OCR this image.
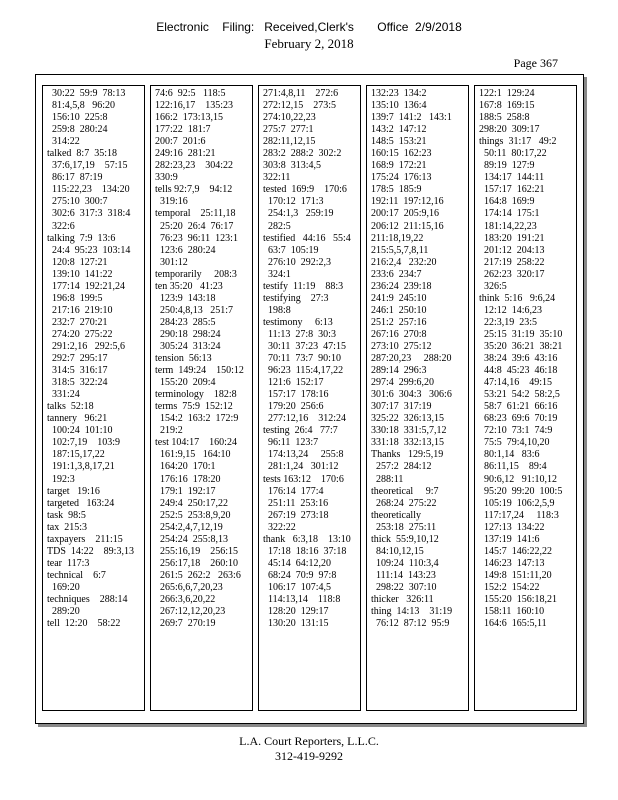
Electronic    Filing:   Received,Clerk's       Office  2/9/2018
February 2, 2018
Page 367
30:22  59:9  78:13
81:4,5,8   96:20
156:10  225:8
259:8  280:24
314:22
talked  8:7  35:18
37:6,17,19    57:15
86:17  87:19
115:22,23    134:20
275:10  300:7
302:6  317:3  318:4
322:6
talking  7:9  13:6
24:4  95:23  103:14
120:8  127:21
139:10  141:22
177:14  192:21,24
196:8  199:5
217:16  219:10
232:7  270:21
274:20  275:22
291:2,16   292:5,6
292:7  295:17
314:5  316:17
318:5  322:24
331:24
talks  52:18
tannery   96:21
100:24  101:10
102:7,19    103:9
187:15,17,22
191:1,3,8,17,21
192:3
target   19:16
targeted   163:24
task  98:5
tax  215:3
taxpayers    211:15
TDS  14:22    89:3,13
tear  117:3
technical    6:7
169:20
techniques    288:14
289:20
tell  12:20    58:22
74:6  92:5   118:5
122:16,17    135:23
166:2  173:13,15
177:22  181:7
200:7  201:6
249:16  281:21
282:23,23    304:22
330:9
tells 92:7,9    94:12
319:16
temporal    25:11,18
25:20  26:4  76:17
76:23  96:11  123:1
123:6  280:24
301:12
temporarily     208:3
ten 35:20   41:23
123:9  143:18
250:4,8,13   251:7
284:23  285:5
290:18  298:24
305:24  313:24
tension  56:13
term  149:24    150:12
155:20  209:4
terminology    182:8
terms  75:9  152:12
154:2  163:2  172:9
219:2
test 104:17    160:24
161:9,15   164:10
164:20  170:1
176:16  178:20
179:1  192:17
249:4  250:17,22
252:5  253:8,9,20
254:2,4,7,12,19
254:24  255:8,13
255:16,19    256:15
256:17,18    260:10
261:5  262:2   263:6
265:6,6,7,20,23
266:3,6,20,22
267:12,12,20,23
269:7  270:19
271:4,8,11    272:6
272:12,15    273:5
274:10,22,23
275:7  277:1
282:11,12,15
283:2  288:2  302:2
303:8  313:4,5
322:11
tested  169:9    170:6
170:12  171:3
254:1,3   259:19
282:5
testified   44:16   55:4
63:7  105:19
276:10  292:2,3
324:1
testify  11:19    88:3
testifying    27:3
198:8
testimony     6:13
11:13  27:8  30:3
30:11  37:23  47:15
70:11  73:7  90:10
96:23  115:4,17,22
121:6  152:17
157:17  178:16
179:20  256:6
277:12,16    312:24
testing  26:4   77:7
96:11  123:7
174:13,24     255:8
281:1,24   301:12
tests 163:12    170:6
176:14  177:4
251:11  253:16
267:19  273:18
322:22
thank   6:3,18    13:10
17:18  18:16  37:18
45:14  64:12,20
68:24  70:9  97:8
106:17  107:4,5
114:13,14    118:8
128:20  129:17
130:20  131:15
132:23  134:2
135:10  136:4
139:7  141:2   143:1
143:2  147:12
148:5  153:21
160:15  162:23
168:9  172:21
175:24  176:13
178:5  185:9
192:11  197:12,16
200:17  205:9,16
206:12  211:15,16
211:18,19,22
215:5,5,7,8,11
216:2,4   232:20
233:6  234:7
236:24  239:18
241:9  245:10
246:1  250:10
251:2  257:16
267:16  270:8
273:10  275:12
287:20,23     288:20
289:14  296:3
297:4  299:6,20
301:6  304:3   306:6
307:17  317:19
325:22  326:13,15
330:18  331:5,7,12
331:18  332:13,15
Thanks   129:5,19
257:2  284:12
288:11
theoretical     9:7
268:24  275:22
theoretically
253:18  275:11
thick  55:9,10,12
84:10,12,15
109:24  110:3,4
111:14  143:23
298:22  307:10
thicker   326:11
thing  14:13    31:19
76:12  87:12  95:9
122:1  129:24
167:8  169:15
188:5  258:8
298:20  309:17
things  31:17   49:2
50:11  80:17,22
89:19  127:9
134:17  144:11
157:17  162:21
164:8  169:9
174:14  175:1
181:14,22,23
183:20  191:21
201:12  204:13
217:19  258:22
262:23  320:17
326:5
think  5:16   9:6,24
12:12  14:6,23
22:3,19  23:5
25:15  31:19  35:10
35:20  36:21  38:21
38:24  39:6  43:16
44:8  45:23  46:18
47:14,16    49:15
53:21  54:2  58:2,5
58:7  61:21  66:16
68:23  69:6  70:19
72:10  73:1  74:9
75:5  79:4,10,20
80:1,14   83:6
86:11,15    89:4
90:6,12   91:10,12
95:20  99:20  100:5
105:19  106:2,5,9
117:17,24     118:3
127:13  134:22
137:19  141:6
145:7  146:22,22
146:23  147:13
149:8  151:11,20
152:2  154:22
155:20  156:18,21
158:11  160:10
164:6  165:5,11
L.A. Court Reporters, L.L.C.
312-419-9292
